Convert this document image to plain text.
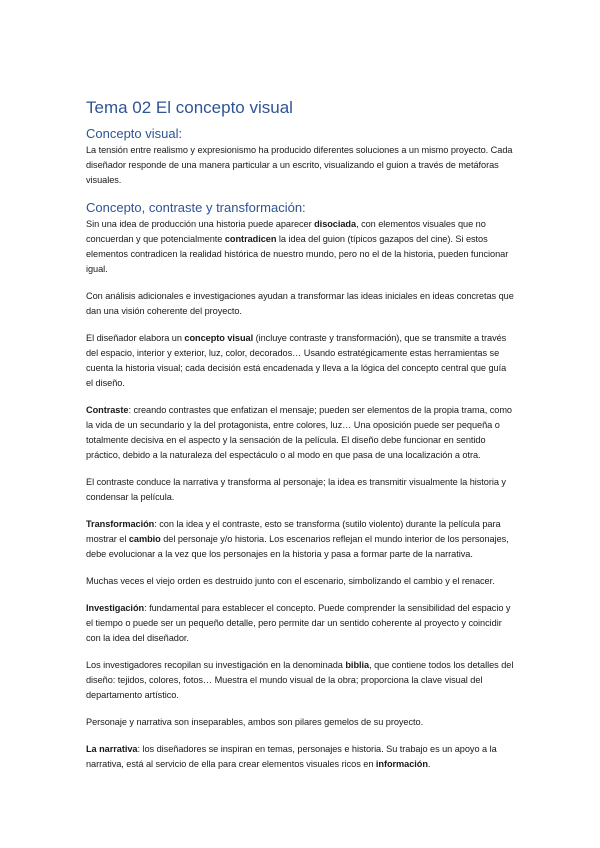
Tema 02 El concepto visual
Concepto visual:

La tensión entre realismo y expresionismo ha producido diferentes soluciones a un mismo proyecto. Cada diseñador responde de una manera particular a un escrito, visualizando el guion a través de metáforas visuales.

Concepto, contraste y transformación:

Sin una idea de producción una historia puede aparecer disociada, con elementos visuales que no concuerdan y que potencialmente contradicen la idea del guion (típicos gazapos del cine). Si estos elementos contradicen la realidad histórica de nuestro mundo, pero no el de la historia, pueden funcionar igual.

Con análisis adicionales e investigaciones ayudan a transformar las ideas iniciales en ideas concretas que dan una visión coherente del proyecto.

El diseñador elabora un concepto visual (incluye contraste y transformación), que se transmite a través del espacio, interior y exterior, luz, color, decorados… Usando estratégicamente estas herramientas se cuenta la historia visual; cada decisión está encadenada y lleva a la lógica del concepto central que guía el diseño.

Contraste: creando contrastes que enfatizan el mensaje; pueden ser elementos de la propia trama, como la vida de un secundario y la del protagonista, entre colores, luz… Una oposición puede ser pequeña o totalmente decisiva en el aspecto y la sensación de la película. El diseño debe funcionar en sentido práctico, debido a la naturaleza del espectáculo o al modo en que pasa de una localización a otra.

El contraste conduce la narrativa y transforma al personaje; la idea es transmitir visualmente la historia y condensar la película.

Transformación: con la idea y el contraste, esto se transforma (sutilo violento) durante la película para mostrar el cambio del personaje y/o historia. Los escenarios reflejan el mundo interior de los personajes, debe evolucionar a la vez que los personajes en la historia y pasa a formar parte de la narrativa.

Muchas veces el viejo orden es destruido junto con el escenario, simbolizando el cambio y el renacer.

Investigación: fundamental para establecer el concepto. Puede comprender la sensibilidad del espacio y el tiempo o puede ser un pequeño detalle, pero permite dar un sentido coherente al proyecto y coincidir con la idea del diseñador.

Los investigadores recopilan su investigación en la denominada biblia, que contiene todos los detalles del diseño: tejidos, colores, fotos… Muestra el mundo visual de la obra; proporciona la clave visual del departamento artístico.

Personaje y narrativa son inseparables, ambos son pilares gemelos de su proyecto.

La narrativa: los diseñadores se inspiran en temas, personajes e historia. Su trabajo es un apoyo a la narrativa, está al servicio de ella para crear elementos visuales ricos en información.
